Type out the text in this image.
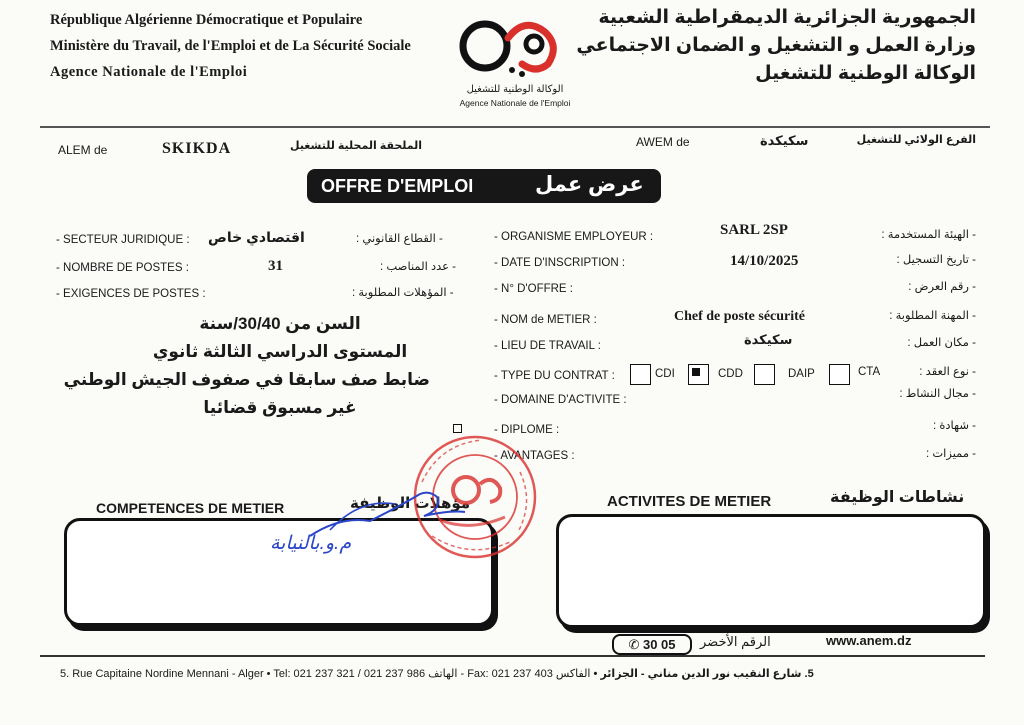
République Algérienne Démocratique et Populaire
Ministère du Travail, de l'Emploi et de La Sécurité Sociale
Agence Nationale de l'Emploi
الجمهورية الجزائرية الديمقراطية الشعبية
وزارة العمل و التشغيل و الضمان الاجتماعي
الوكالة الوطنية للتشغيل
الوكالة الوطنية للتشغيل
Agence Nationale de l'Emploi
ALEM de	SKIKDA	الملحقة المحلية للتشغيل	AWEM de	سكيكدة	الفرع الولائي للتشغيل
OFFRE D'EMPLOI	عرض عمل
- SECTEUR JURIDIQUE : اقتصادي خاص	- القطاع القانوني :
- NOMBRE DE POSTES :	31	- عدد المناصب :
- EXIGENCES DE POSTES :	- المؤهلات المطلوبة :
السن من 30/40/سنة
المستوى الدراسي الثالثة ثانوي
ضابط صف سابقا في صفوف الجيش الوطني
غير مسبوق قضائيا
- ORGANISME EMPLOYEUR :	SARL 2SP	- الهيئة المستخدمة :
- DATE D'INSCRIPTION :	14/10/2025	- تاريخ التسجيل :
- N° D'OFFRE :	- رقم العرض :
- NOM de METIER :	Chef de poste sécurité	- المهنة المطلوبة :
- LIEU DE TRAVAIL :	سكيكدة	- مكان العمل :
- TYPE DU CONTRAT :	CDI	CDD	DAIP	CTA	- نوع العقد :
- DOMAINE D'ACTIVITE :	- مجال النشاط :
- DIPLOME :	- شهادة :
- AVANTAGES :	- مميزات :
COMPETENCES DE METIER	مؤهلات الوظيفة	ACTIVITES DE METIER	نشاطات الوظيفة
م.و.بالنيابة
www.anem.dz
✆ 30 05	الرقم الأخضر
5. Rue Capitaine Nordine Mennani - Alger • Tel: 021 237 321 / 021 237 986 الهاتف - Fax: 021 237 403 الفاكس 5. شارع النقيب نور الدين مناني - الجزائر •
